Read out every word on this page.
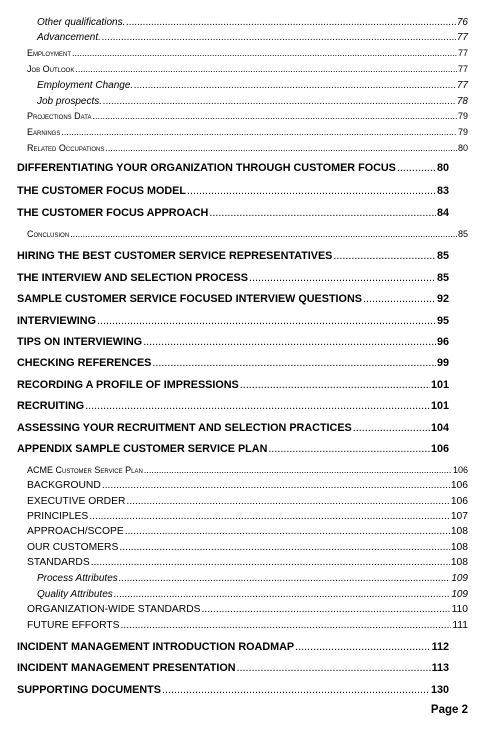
Other qualifications. .....	76
Advancement. .....	77
Employment .....	77
Job Outlook .....	77
Employment Change. .....	77
Job prospects. .....	78
Projections Data .....	79
Earnings .....	79
Related Occupations .....	80
DIFFERENTIATING YOUR ORGANIZATION THROUGH CUSTOMER FOCUS .....	80
THE CUSTOMER FOCUS MODEL .....	83
THE CUSTOMER FOCUS APPROACH .....	84
Conclusion .....	85
HIRING THE BEST CUSTOMER SERVICE REPRESENTATIVES .....	85
THE INTERVIEW AND SELECTION PROCESS .....	85
SAMPLE CUSTOMER SERVICE FOCUSED INTERVIEW QUESTIONS .....	92
INTERVIEWING .....	95
TIPS ON INTERVIEWING .....	96
CHECKING REFERENCES .....	99
RECORDING A PROFILE OF IMPRESSIONS .....	101
RECRUITING .....	101
ASSESSING YOUR RECRUITMENT AND SELECTION PRACTICES .....	104
APPENDIX SAMPLE CUSTOMER SERVICE PLAN .....	106
ACME Customer Service Plan .....	106
BACKGROUND .....	106
EXECUTIVE ORDER .....	106
PRINCIPLES .....	107
APPROACH/SCOPE .....	108
OUR CUSTOMERS .....	108
STANDARDS .....	108
Process Attributes .....	109
Quality Attributes .....	109
ORGANIZATION-WIDE STANDARDS .....	110
FUTURE EFFORTS .....	111
INCIDENT MANAGEMENT INTRODUCTION ROADMAP .....	112
INCIDENT MANAGEMENT PRESENTATION .....	113
SUPPORTING DOCUMENTS .....	130
Page 2
